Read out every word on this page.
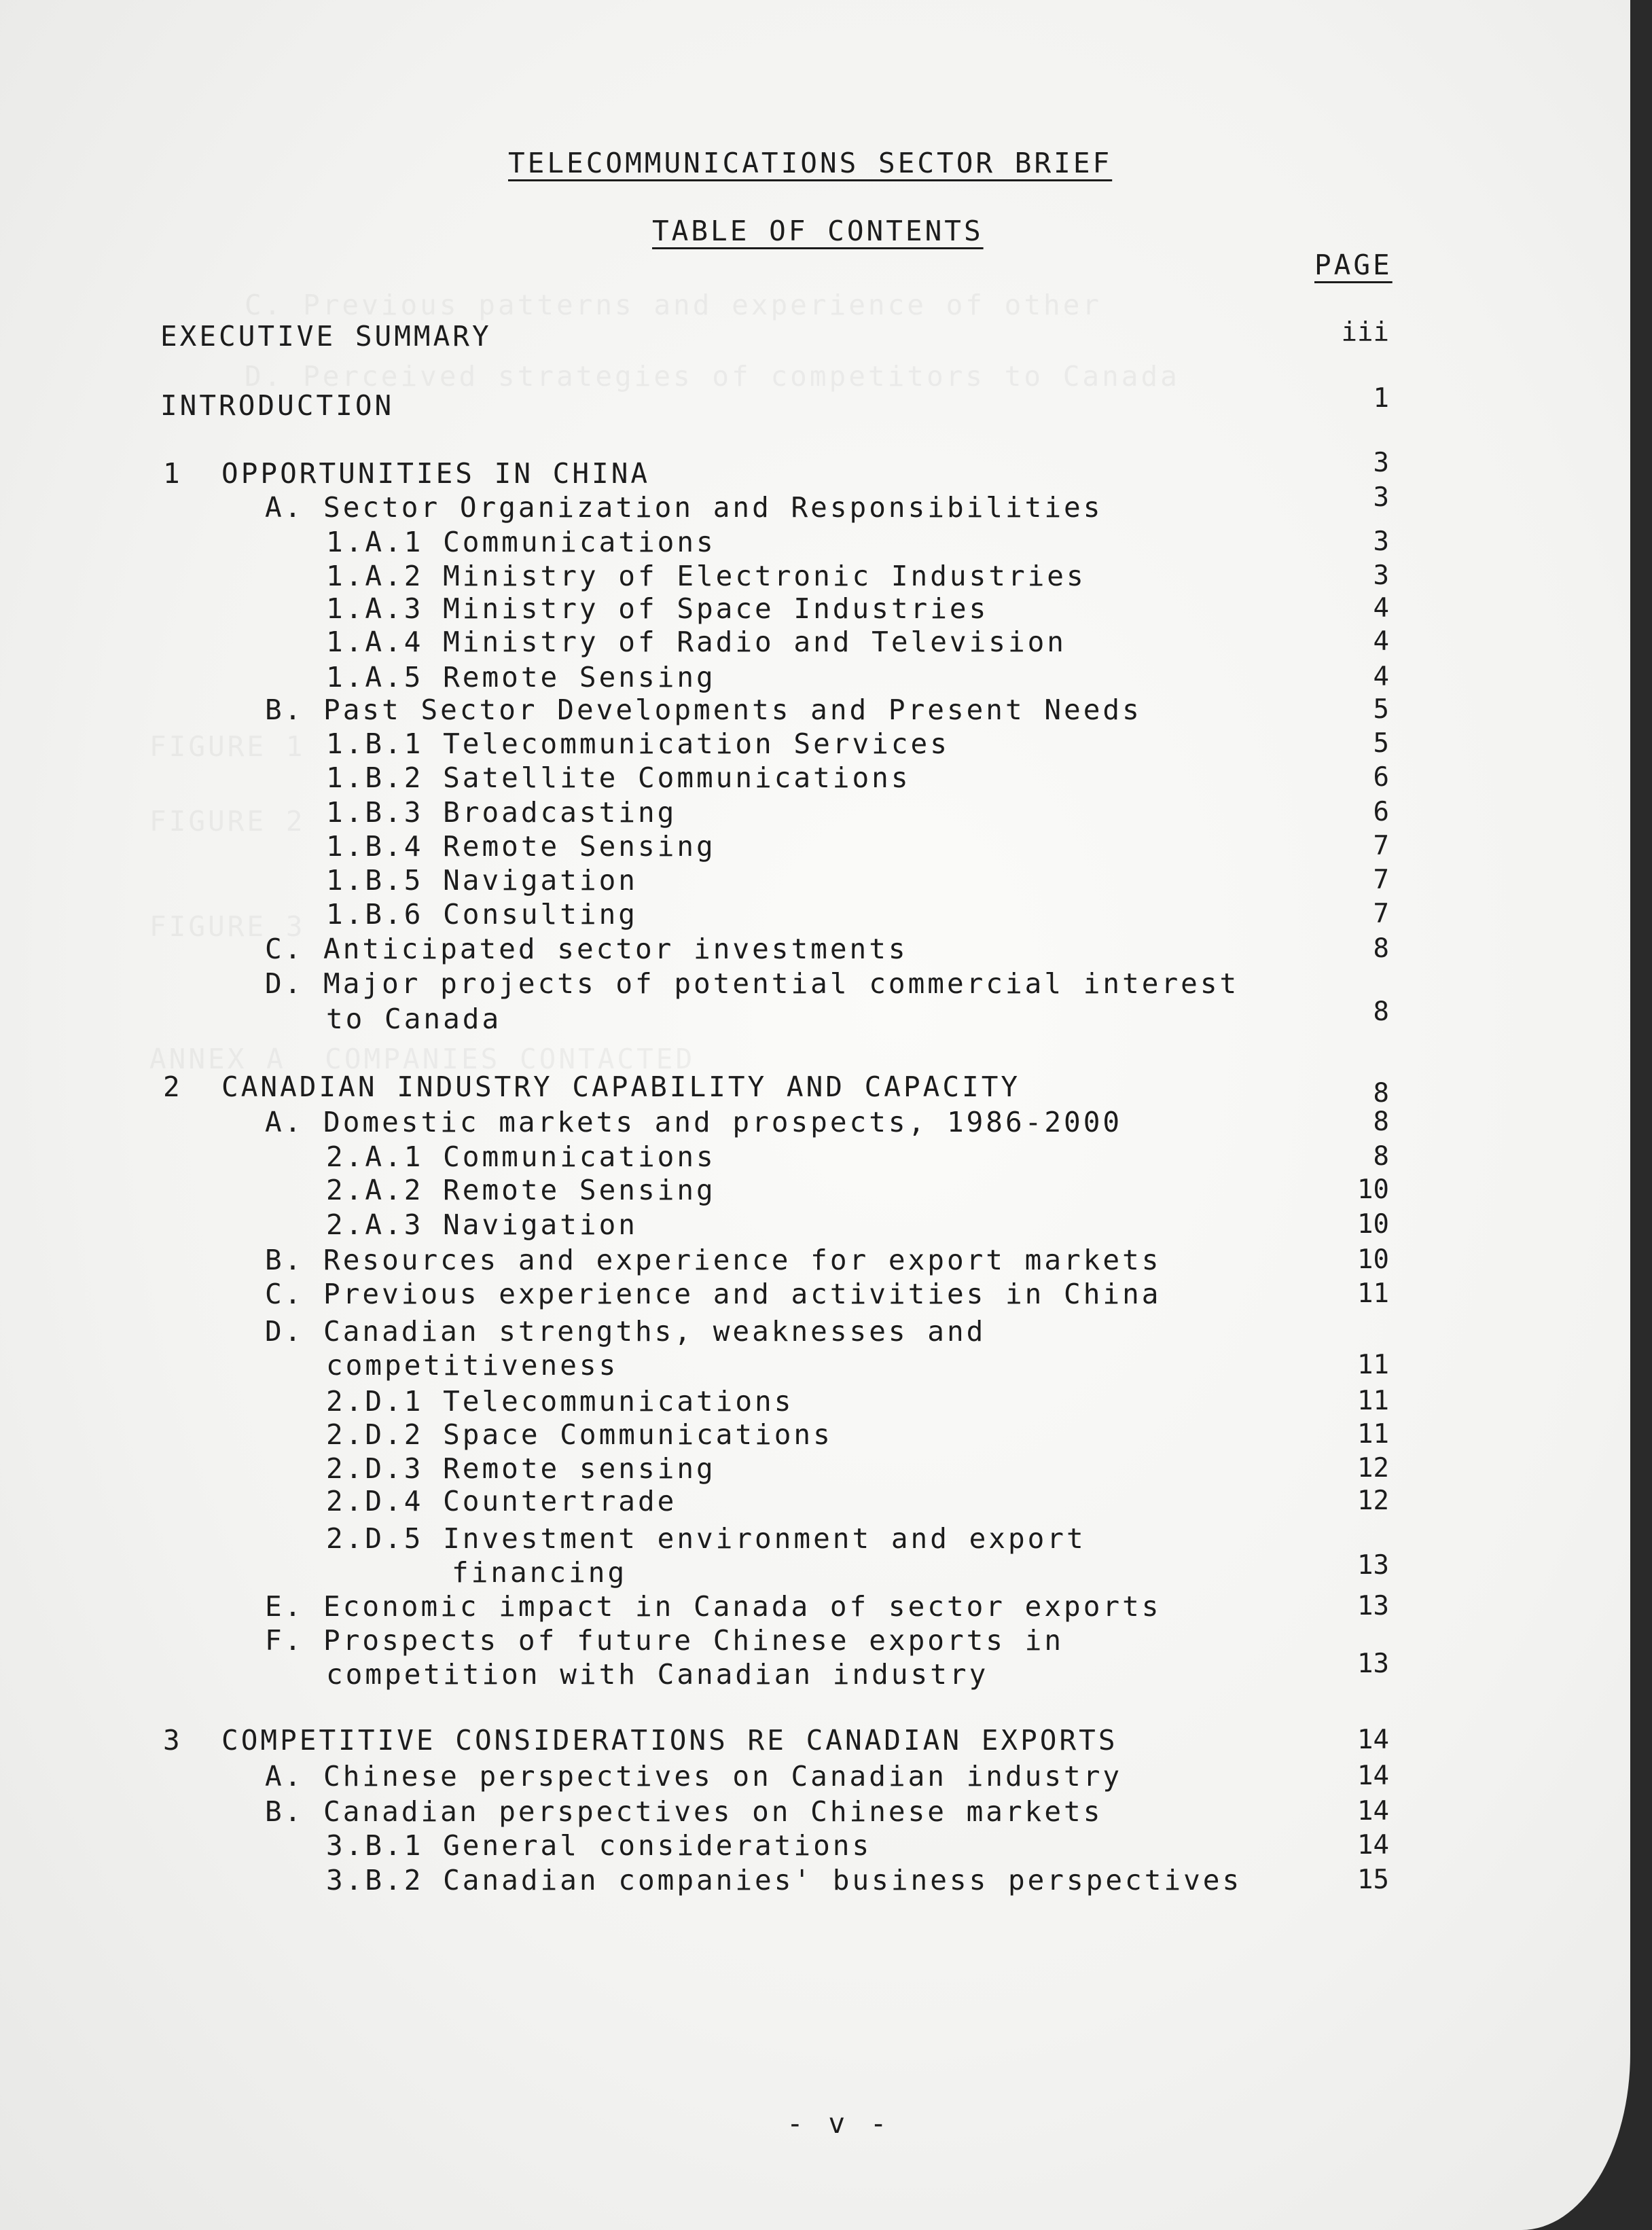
C. Previous patterns and experience of other
D. Perceived strategies of competitors to Canada
FIGURE 1
FIGURE 2
FIGURE 3
ANNEX A  COMPANIES CONTACTED
TELECOMMUNICATIONS SECTOR BRIEF
TABLE OF CONTENTS
PAGE
EXECUTIVE SUMMARY	iii
INTRODUCTION	1
1  OPPORTUNITIES IN CHINA	3
A. Sector Organization and Responsibilities	3
1.A.1 Communications	3
1.A.2 Ministry of Electronic Industries	3
1.A.3 Ministry of Space Industries	4
1.A.4 Ministry of Radio and Television	4
1.A.5 Remote Sensing	4
B. Past Sector Developments and Present Needs	5
1.B.1 Telecommunication Services	5
1.B.2 Satellite Communications	6
1.B.3 Broadcasting	6
1.B.4 Remote Sensing	7
1.B.5 Navigation	7
1.B.6 Consulting	7
C. Anticipated sector investments	8
D. Major projects of potential commercial interest
to Canada	8
2  CANADIAN INDUSTRY CAPABILITY AND CAPACITY	8
A. Domestic markets and prospects, 1986-2000	8
2.A.1 Communications	8
2.A.2 Remote Sensing	10
2.A.3 Navigation	10
B. Resources and experience for export markets	10
C. Previous experience and activities in China	11
D. Canadian strengths, weaknesses and
competitiveness	11
2.D.1 Telecommunications	11
2.D.2 Space Communications	11
2.D.3 Remote sensing	12
2.D.4 Countertrade	12
2.D.5 Investment environment and export
financing	13
E. Economic impact in Canada of sector exports	13
F. Prospects of future Chinese exports in
competition with Canadian industry	13
3  COMPETITIVE CONSIDERATIONS RE CANADIAN EXPORTS	14
A. Chinese perspectives on Canadian industry	14
B. Canadian perspectives on Chinese markets	14
3.B.1 General considerations	14
3.B.2 Canadian companies' business perspectives	15
- v -
